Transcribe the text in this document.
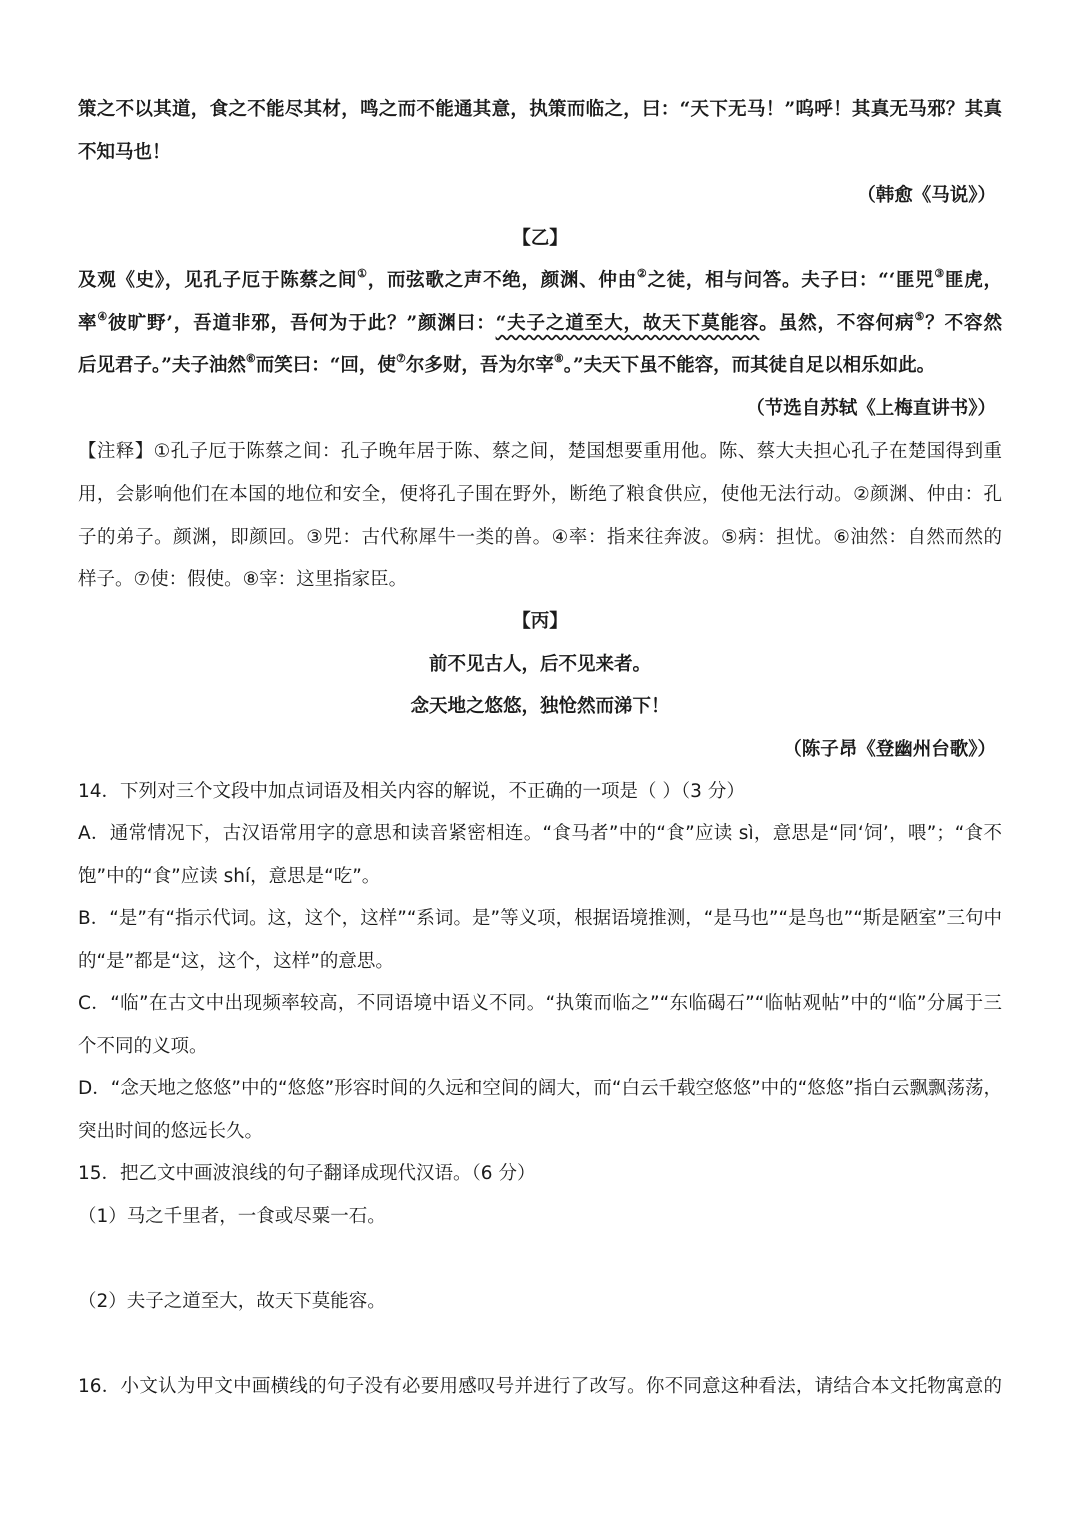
策之不以其道，食之不能尽其材，鸣之而不能通其意，执策而临之，曰：“天下无马！”呜呼！其真无马邪？其真
不知马也！
（韩愈《马说》）
【乙】
及观《史》，见孔子厄于陈蔡之间①，而弦歌之声不绝，颜渊、仲由②之徒，相与问答。夫子曰：“‘匪兕③匪虎，
率④彼旷野’，吾道非邪，吾何为于此？”颜渊曰：“夫子之道至大，故天下莫能容。虽然，不容何病⑤？不容然
后见君子。”夫子油然⑥而笑曰：“回，使⑦尔多财，吾为尔宰⑧。”夫天下虽不能容，而其徒自足以相乐如此。
（节选自苏轼《上梅直讲书》）
【注释】①孔子厄于陈蔡之间：孔子晚年居于陈、蔡之间，楚国想要重用他。陈、蔡大夫担心孔子在楚国得到重
用，会影响他们在本国的地位和安全，便将孔子围在野外，断绝了粮食供应，使他无法行动。②颜渊、仲由：孔
子的弟子。颜渊，即颜回。③兕：古代称犀牛一类的兽。④率：指来往奔波。⑤病：担忧。⑥油然：自然而然的
样子。⑦使：假使。⑧宰：这里指家臣。
【丙】
前不见古人，后不见来者。
念天地之悠悠，独怆然而涕下！
（陈子昂《登幽州台歌》）
14．下列对三个文段中加点词语及相关内容的解说，不正确的一项是（ ）（3 分）
A．通常情况下，古汉语常用字的意思和读音紧密相连。“食马者”中的“食”应读 sì，意思是“同‘饲’，喂”；“食不
饱”中的“食”应读 shí，意思是“吃”。
B．“是”有“指示代词。这，这个，这样”“系词。是”等义项，根据语境推测，“是马也”“是鸟也”“斯是陋室”三句中
的“是”都是“这，这个，这样”的意思。
C．“临”在古文中出现频率较高，不同语境中语义不同。“执策而临之”“东临碣石”“临帖观帖”中的“临”分属于三
个不同的义项。
D．“念天地之悠悠”中的“悠悠”形容时间的久远和空间的阔大，而“白云千载空悠悠”中的“悠悠”指白云飘飘荡荡，
突出时间的悠远长久。
15．把乙文中画波浪线的句子翻译成现代汉语。（6 分）
（1）马之千里者，一食或尽粟一石。
（2）夫子之道至大，故天下莫能容。
16．小文认为甲文中画横线的句子没有必要用感叹号并进行了改写。你不同意这种看法，请结合本文托物寓意的
